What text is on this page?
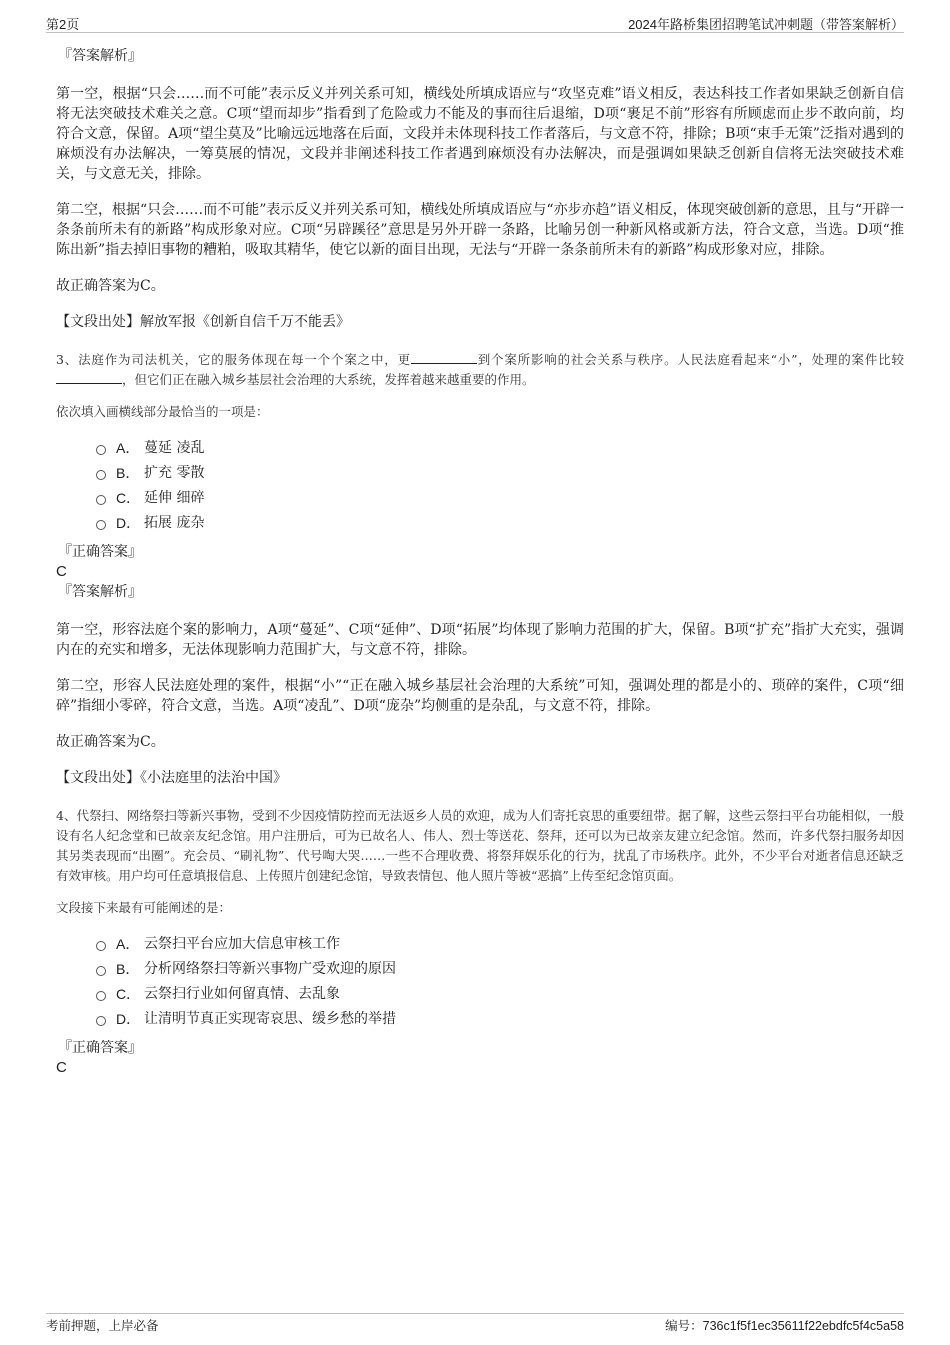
第2页	2024年路桥集团招聘笔试冲刺题（带答案解析）

『答案解析』

第一空，根据“只会……而不可能”表示反义并列关系可知，横线处所填成语应与“攻坚克难”语义相反，表达科技工作者如果缺乏创新自信将无法突破技术难关之意。C项“望而却步”指看到了危险或力不能及的事而往后退缩，D项“裹足不前”形容有所顾虑而止步不敢向前，均符合文意，保留。A项“望尘莫及”比喻远远地落在后面，文段并未体现科技工作者落后，与文意不符，排除；B项“束手无策”泛指对遇到的麻烦没有办法解决，一筹莫展的情况，文段并非阐述科技工作者遇到麻烦没有办法解决，而是强调如果缺乏创新自信将无法突破技术难关，与文意无关，排除。

第二空，根据“只会……而不可能”表示反义并列关系可知，横线处所填成语应与“亦步亦趋”语义相反，体现突破创新的意思，且与“开辟一条条前所未有的新路”构成形象对应。C项“另辟蹊径”意思是另外开辟一条路，比喻另创一种新风格或新方法，符合文意，当选。D项“推陈出新”指去掉旧事物的糟粕，吸取其精华，使它以新的面目出现，无法与“开辟一条条前所未有的新路”构成形象对应，排除。

故正确答案为C。

【文段出处】解放军报《创新自信千万不能丢》

3、法庭作为司法机关，它的服务体现在每一个个案之中，更	到个案所影响的社会关系与秩序。人民法庭看起来“小”，处理的案件比较，但它们正在融入城乡基层社会治理的大系统，发挥着越来越重要的作用。

依次填入画横线部分最恰当的一项是：

A． 蔓延 凌乱
B． 扩充 零散
C． 延伸 细碎
D． 拓展 庞杂

『正确答案』

C

『答案解析』

第一空，形容法庭个案的影响力，A项“蔓延”、C项“延伸”、D项“拓展”均体现了影响力范围的扩大，保留。B项“扩充”指扩大充实，强调内在的充实和增多，无法体现影响力范围扩大，与文意不符，排除。

第二空，形容人民法庭处理的案件，根据“小”“正在融入城乡基层社会治理的大系统”可知，强调处理的都是小的、琐碎的案件，C项“细碎”指细小零碎，符合文意，当选。A项“凌乱”、D项“庞杂”均侧重的是杂乱，与文意不符，排除。

故正确答案为C。

【文段出处】《小法庭里的法治中国》

4、代祭扫、网络祭扫等新兴事物，受到不少因疫情防控而无法返乡人员的欢迎，成为人们寄托哀思的重要纽带。据了解，这些云祭扫平台功能相似，一般设有名人纪念堂和已故亲友纪念馆。用户注册后，可为已故名人、伟人、烈士等送花、祭拜，还可以为已故亲友建立纪念馆。然而，许多代祭扫服务却因其另类表现而“出圈”。充会员、“刷礼物”、代号啕大哭……一些不合理收费、将祭拜娱乐化的行为，扰乱了市场秩序。此外，不少平台对逝者信息还缺乏有效审核。用户均可任意填报信息、上传照片创建纪念馆，导致表情包、他人照片等被“恶搞”上传至纪念馆页面。

文段接下来最有可能阐述的是：

A． 云祭扫平台应加大信息审核工作
B． 分析网络祭扫等新兴事物广受欢迎的原因
C． 云祭扫行业如何留真情、去乱象
D． 让清明节真正实现寄哀思、缓乡愁的举措

『正确答案』

C

考前押题，上岸必备	编号：736c1f5f1ec35611f22ebdfc5f4c5a58
